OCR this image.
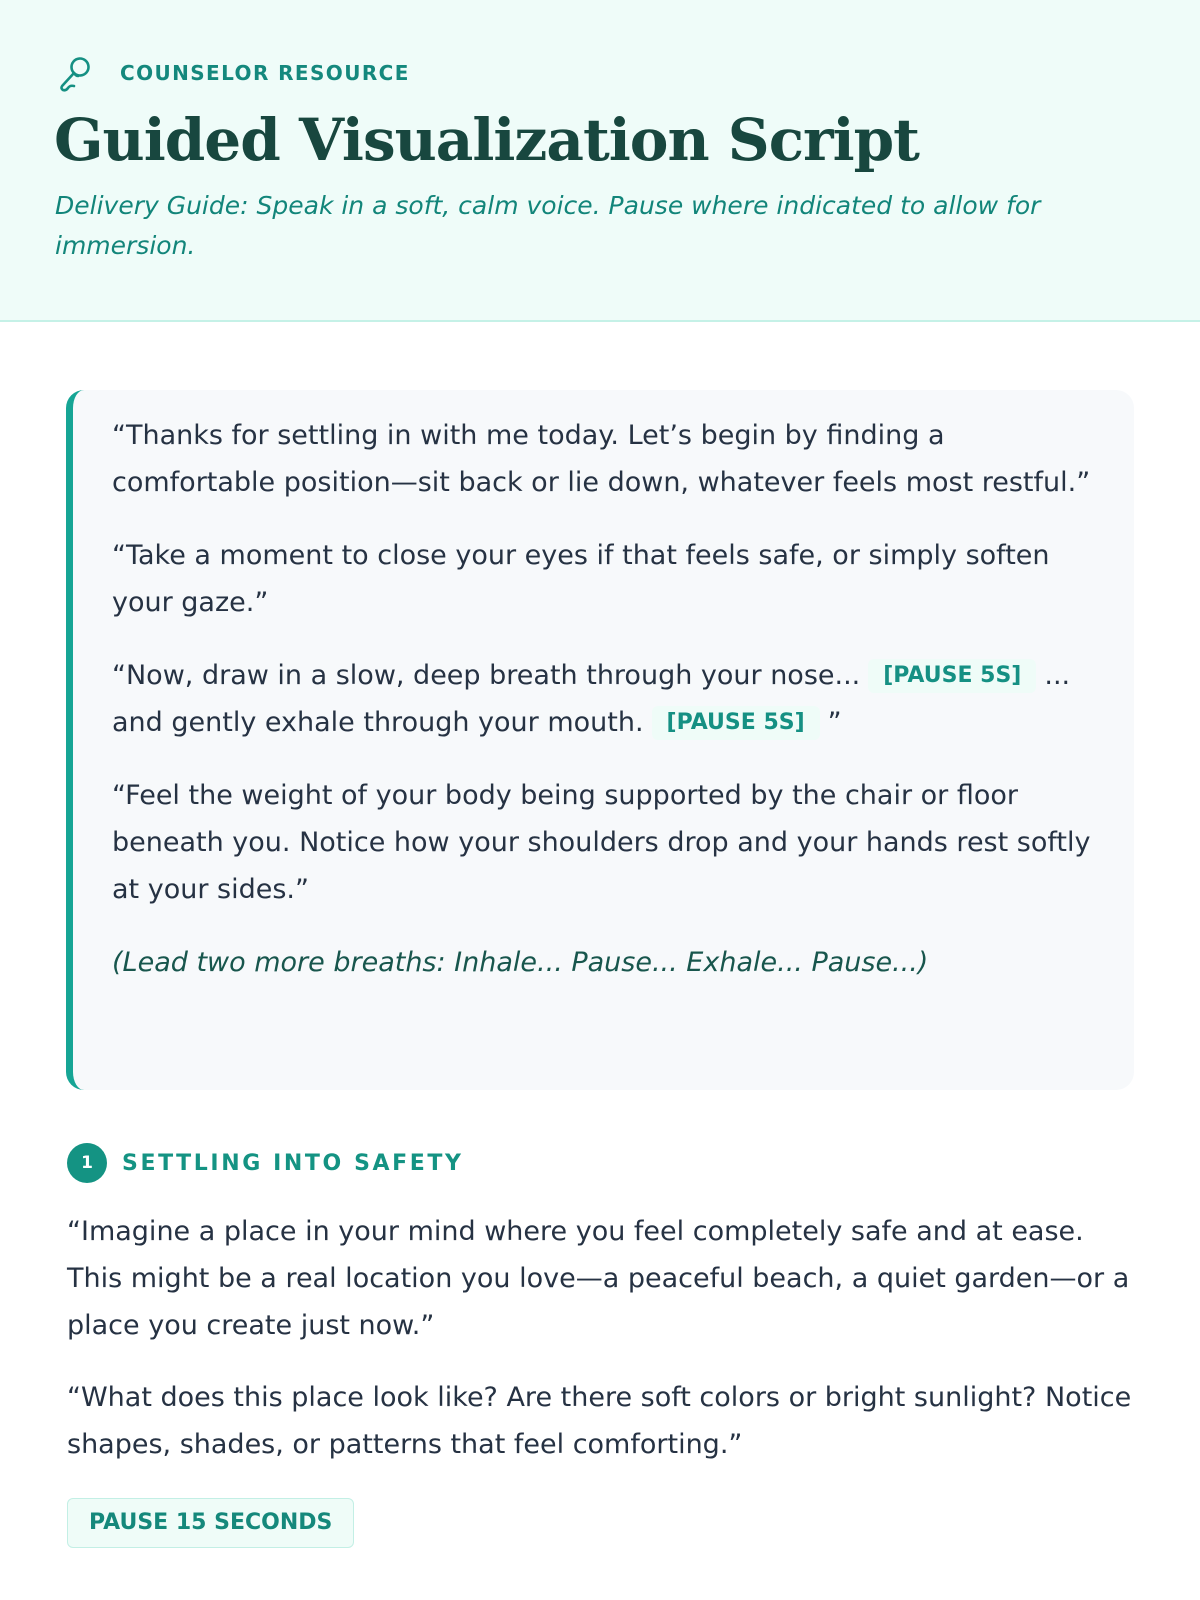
COUNSELOR RESOURCE
Guided Visualization Script

Delivery Guide: Speak in a soft, calm voice. Pause where indicated to allow for immersion.

“Thanks for settling in with me today. Let’s begin by finding a comfortable position—sit back or lie down, whatever feels most restful.”

“Take a moment to close your eyes if that feels safe, or simply soften your gaze.”

“Now, draw in a slow, deep breath through your nose... [PAUSE 5S] ... and gently exhale through your mouth. [PAUSE 5S] ”

“Feel the weight of your body being supported by the chair or floor beneath you. Notice how your shoulders drop and your hands rest softly at your sides.”

(Lead two more breaths: Inhale... Pause... Exhale... Pause...)

1	SETTLING INTO SAFETY

“Imagine a place in your mind where you feel completely safe and at ease. This might be a real location you love—a peaceful beach, a quiet garden—or a place you create just now.”

“What does this place look like? Are there soft colors or bright sunlight? Notice shapes, shades, or patterns that feel comforting.”

PAUSE 15 SECONDS
